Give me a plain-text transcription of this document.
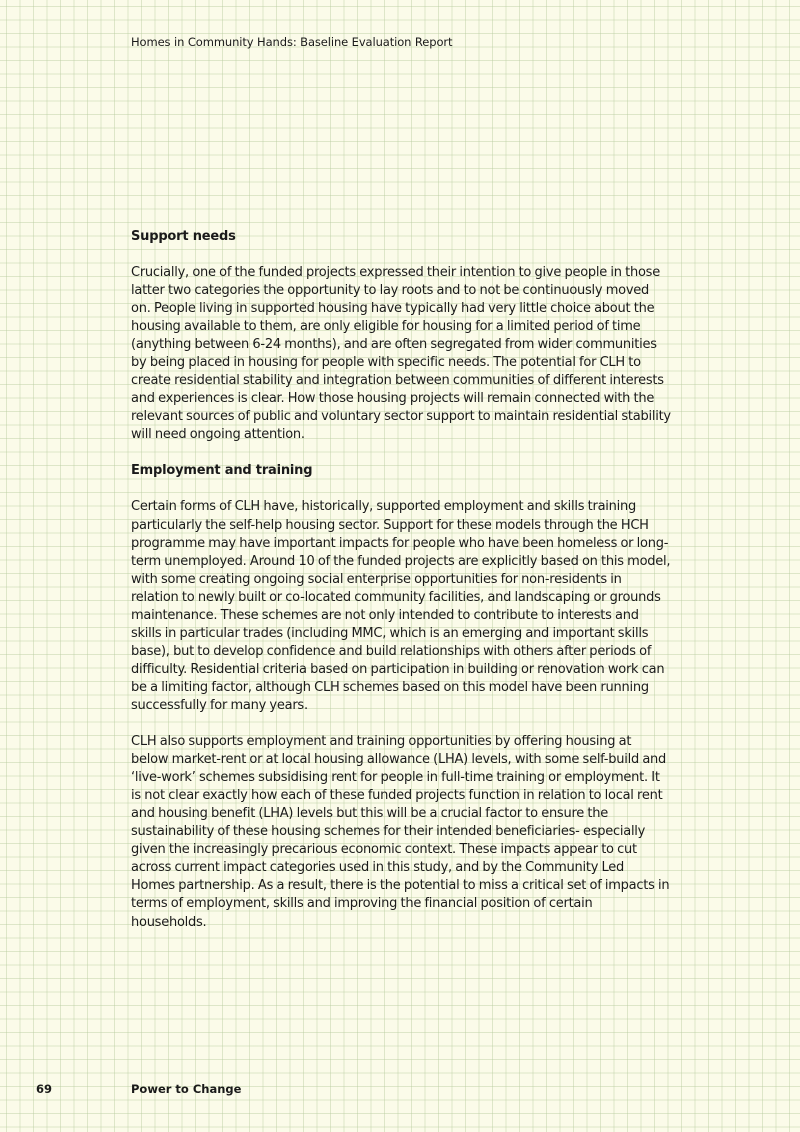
Homes in Community Hands: Baseline Evaluation Report
Support needs

Crucially, one of the funded projects expressed their intention to give people in those latter two categories the opportunity to lay roots and to not be continuously moved on. People living in supported housing have typically had very little choice about the housing available to them, are only eligible for housing for a limited period of time (anything between 6-24 months), and are often segregated from wider communities by being placed in housing for people with specific needs. The potential for CLH to create residential stability and integration between communities of different interests and experiences is clear. How those housing projects will remain connected with the relevant sources of public and voluntary sector support to maintain residential stability will need ongoing attention.

Employment and training

Certain forms of CLH have, historically, supported employment and skills training particularly the self-help housing sector. Support for these models through the HCH programme may have important impacts for people who have been homeless or long-term unemployed. Around 10 of the funded projects are explicitly based on this model, with some creating ongoing social enterprise opportunities for non-residents in relation to newly built or co-located community facilities, and landscaping or grounds maintenance. These schemes are not only intended to contribute to interests and skills in particular trades (including MMC, which is an emerging and important skills base), but to develop confidence and build relationships with others after periods of difficulty. Residential criteria based on participation in building or renovation work can be a limiting factor, although CLH schemes based on this model have been running successfully for many years.

CLH also supports employment and training opportunities by offering housing at below market-rent or at local housing allowance (LHA) levels, with some self-build and ‘live-work’ schemes subsidising rent for people in full-time training or employment. It is not clear exactly how each of these funded projects function in relation to local rent and housing benefit (LHA) levels but this will be a crucial factor to ensure the sustainability of these housing schemes for their intended beneficiaries- especially given the increasingly precarious economic context. These impacts appear to cut across current impact categories used in this study, and by the Community Led Homes partnership. As a result, there is the potential to miss a critical set of impacts in terms of employment, skills and improving the financial position of certain households.

69	Power to Change
